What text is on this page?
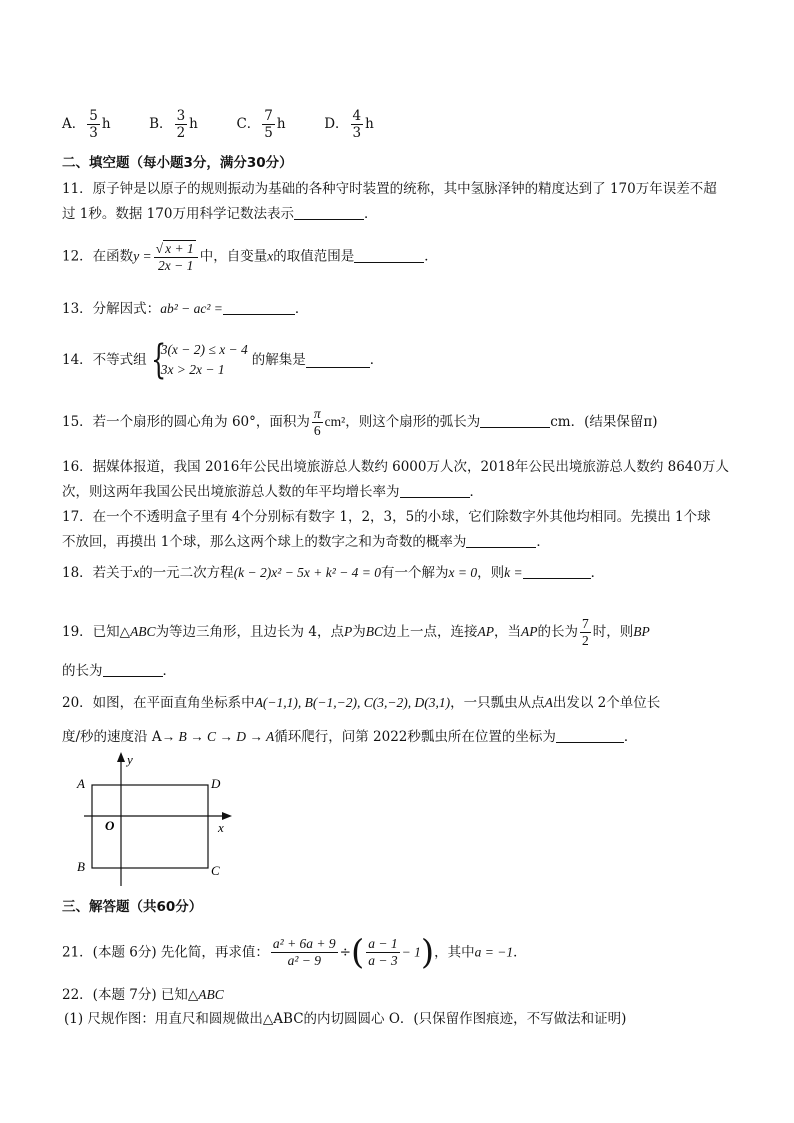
A． $\frac{5}{3}$ h	B． $\frac{3}{2}$ h	C． $\frac{7}{5}$ h	D． $\frac{4}{3}$ h
二、填空题（每小题3分，满分30分）
11．原子钟是以原子的规则振动为基础的各种守时装置的统称，其中氢脉泽钟的精度达到了 170万年误差不超
过 1秒。数据 170万用科学记数法表示	．
12．在函数$y = \frac{√ x + 1}{2x - 1}$ 中，自变量x的取值范围是	．
13．分解因式：ab² − ac² =	．
14．不等式组 {
3(x − 2) ≤ x − 4
3x > 2x − 1
的解集是	．
15．若一个扇形的圆心角为 60°，面积为 $\frac{\pi}{6} cm^2$，则这个扇形的弧长为	cm．(结果保留π)
16．据媒体报道，我国 2016年公民出境旅游总人数约 6000万人次，2018年公民出境旅游总人数约 8640万人
次，则这两年我国公民出境旅游总人数的年平均增长率为	．
17．在一个不透明盒子里有 4个分别标有数字 1，2，3，5的小球，它们除数字外其他均相同。先摸出 1个球
不放回，再摸出 1个球，那么这两个球上的数字之和为奇数的概率为	．
18．若关于x的一元二次方程(k − 2)x² − 5x + k² − 4 = 0有一个解为x = 0，则k =	．
19．已知△ABC为等边三角形，且边长为 4，点P为BC边上一点，连接AP，当AP的长为 $\frac{7}{2}$ 时，则BP
的长为	．
20．如图，在平面直角坐标系中A(−1,1), B(−1,−2), C(3,−2), D(3,1)，一只瓢虫从点A出发以 2个单位长
度/秒的速度沿 A→ B → C → D → A循环爬行，问第 2022秒瓢虫所在位置的坐标为	．
A	D
B	C
O	x
y
三、解答题（共60分）
21．(本题 6分) 先化简，再求值： $\frac{\text{a² + 6a + 9}}{\text{a² − 9}}$ ÷( $\frac{a - 1}{a - 3} - 1$)，其中a = −1．
22．(本题 7分) 已知△ABC
(1) 尺规作图：用直尺和圆规做出△ABC的内切圆圆心 O．(只保留作图痕迹，不写做法和证明)
